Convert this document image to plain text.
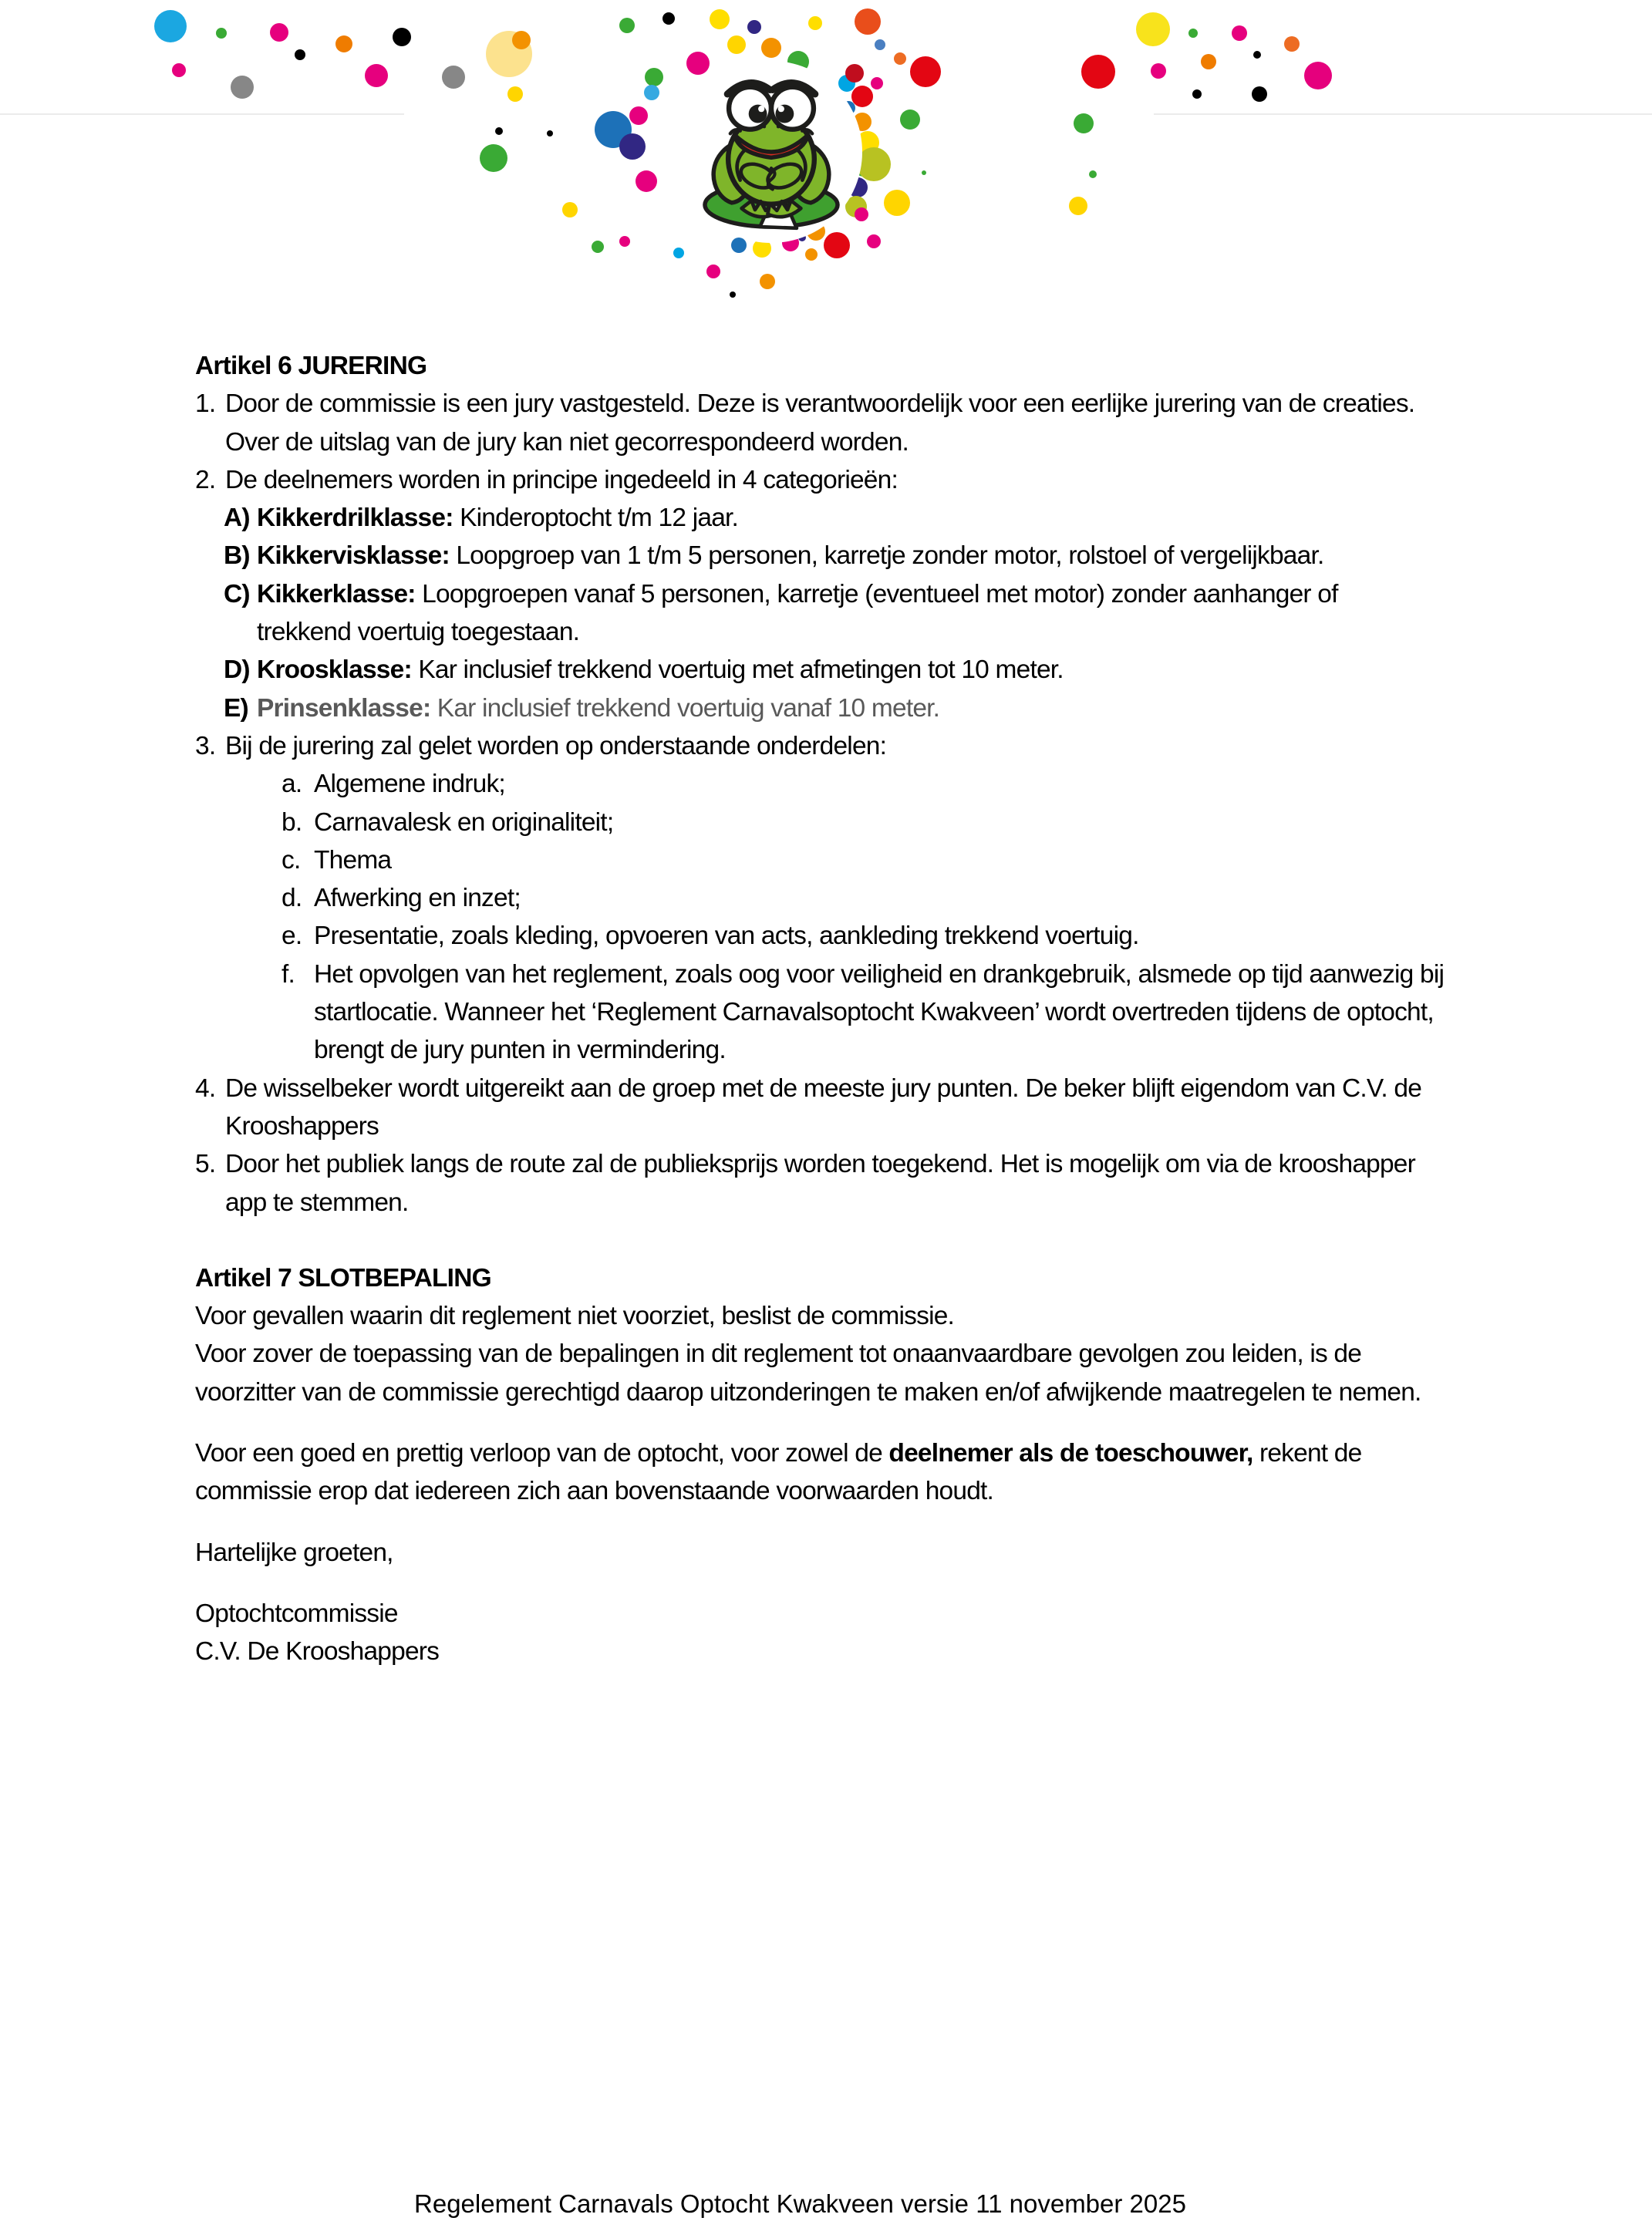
Artikel 6 JURERING
1. Door de commissie is een jury vastgesteld. Deze is verantwoordelijk voor een eerlijke jurering van de creaties. Over de uitslag van de jury kan niet gecorrespondeerd worden.
2. De deelnemers worden in principe ingedeeld in 4 categorieën:
A) Kikkerdrilklasse: Kinderoptocht t/m 12 jaar.
B) Kikkervisklasse: Loopgroep van 1 t/m 5 personen, karretje zonder motor, rolstoel of vergelijkbaar.
C) Kikkerklasse: Loopgroepen vanaf 5 personen, karretje (eventueel met motor) zonder aanhanger of trekkend voertuig toegestaan.
D) Kroosklasse: Kar inclusief trekkend voertuig met afmetingen tot 10 meter.
E) Prinsenklasse: Kar inclusief trekkend voertuig vanaf 10 meter.
3. Bij de jurering zal gelet worden op onderstaande onderdelen:
a. Algemene indruk;
b. Carnavalesk en originaliteit;
c. Thema
d. Afwerking en inzet;
e. Presentatie, zoals kleding, opvoeren van acts, aankleding trekkend voertuig.
f. Het opvolgen van het reglement, zoals oog voor veiligheid en drankgebruik, alsmede op tijd aanwezig bij startlocatie. Wanneer het ‘Reglement Carnavalsoptocht Kwakveen’ wordt overtreden tijdens de optocht, brengt de jury punten in vermindering.
4. De wisselbeker wordt uitgereikt aan de groep met de meeste jury punten. De beker blijft eigendom van C.V. de Krooshappers
5. Door het publiek langs de route zal de publieksprijs worden toegekend. Het is mogelijk om via de krooshapper app te stemmen.
Artikel 7 SLOTBEPALING
Voor gevallen waarin dit reglement niet voorziet, beslist de commissie.
Voor zover de toepassing van de bepalingen in dit reglement tot onaanvaardbare gevolgen zou leiden, is de voorzitter van de commissie gerechtigd daarop uitzonderingen te maken en/of afwijkende maatregelen te nemen.
Voor een goed en prettig verloop van de optocht, voor zowel de deelnemer als de toeschouwer, rekent de commissie erop dat iedereen zich aan bovenstaande voorwaarden houdt.
Hartelijke groeten,
Optochtcommissie
C.V. De Krooshappers
Regelement Carnavals Optocht Kwakveen versie 11 november 2025
